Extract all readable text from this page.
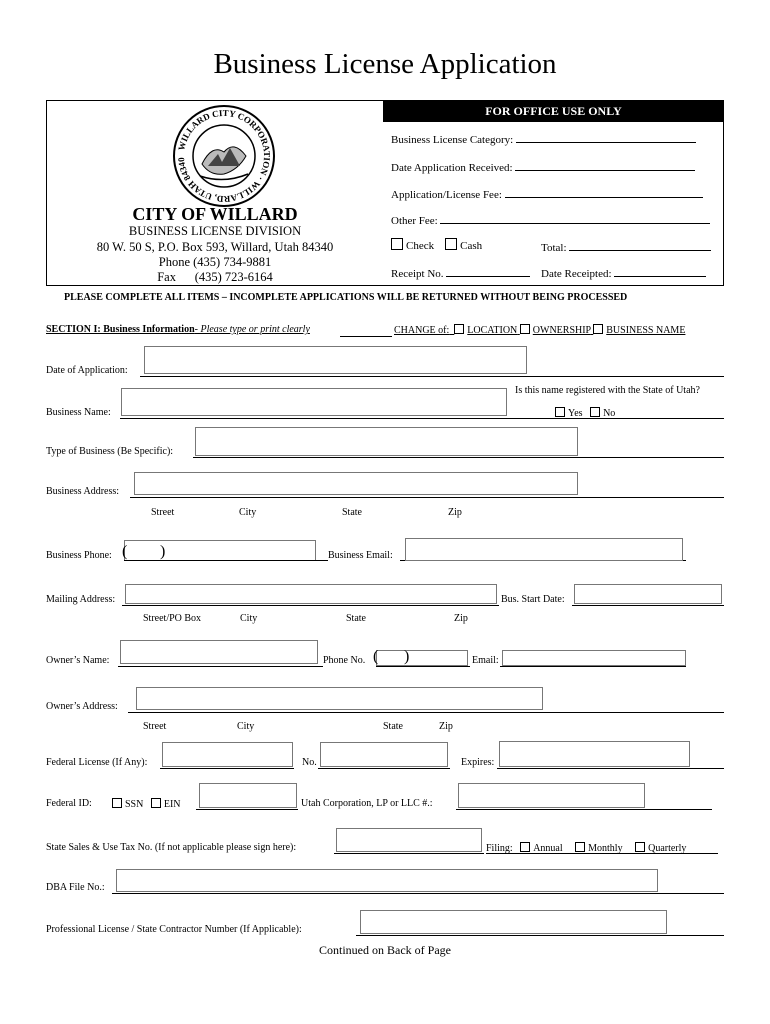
Business License Application
FOR OFFICE USE ONLY
WILLARD CITY CORPORATION · WILLARD, UTAH 84340
CITY OF WILLARD
BUSINESS LICENSE DIVISION
80 W. 50 S, P.O. Box 593, Willard, Utah 84340
Phone (435) 734-9881
Fax      (435) 723-6164
Business License Category:
Date Application Received:
Application/License Fee:
Other Fee:
Check Cash	Total:
Receipt No.	Date Receipted:
PLEASE COMPLETE ALL ITEMS – INCOMPLETE APPLICATIONS WILL BE RETURNED WITHOUT BEING PROCESSED
SECTION I: Business Information- Please type or print clearly	CHANGE of: LOCATION OWNERSHIP BUSINESS NAME
Date of Application:
Is this name registered with the State of Utah?
Yes No
Business Name:
Type of Business (Be Specific):
Business Address:
Street	City	State	Zip
Business Phone: ( )	Business Email:
Mailing Address:	Bus. Start Date:
Street/PO Box	City	State	Zip
Owner’s Name:	Phone No. ( )	Email:
Owner’s Address:
Street	City	State	Zip
Federal License (If Any):	No.	Expires:
Federal ID:	SSN EIN	Utah Corporation, LP or LLC #.:
State Sales & Use Tax No. (If not applicable please sign here):	Filing: Annual	Monthly	Quarterly
DBA File No.:
Professional License / State Contractor Number (If Applicable):
Continued on Back of Page
